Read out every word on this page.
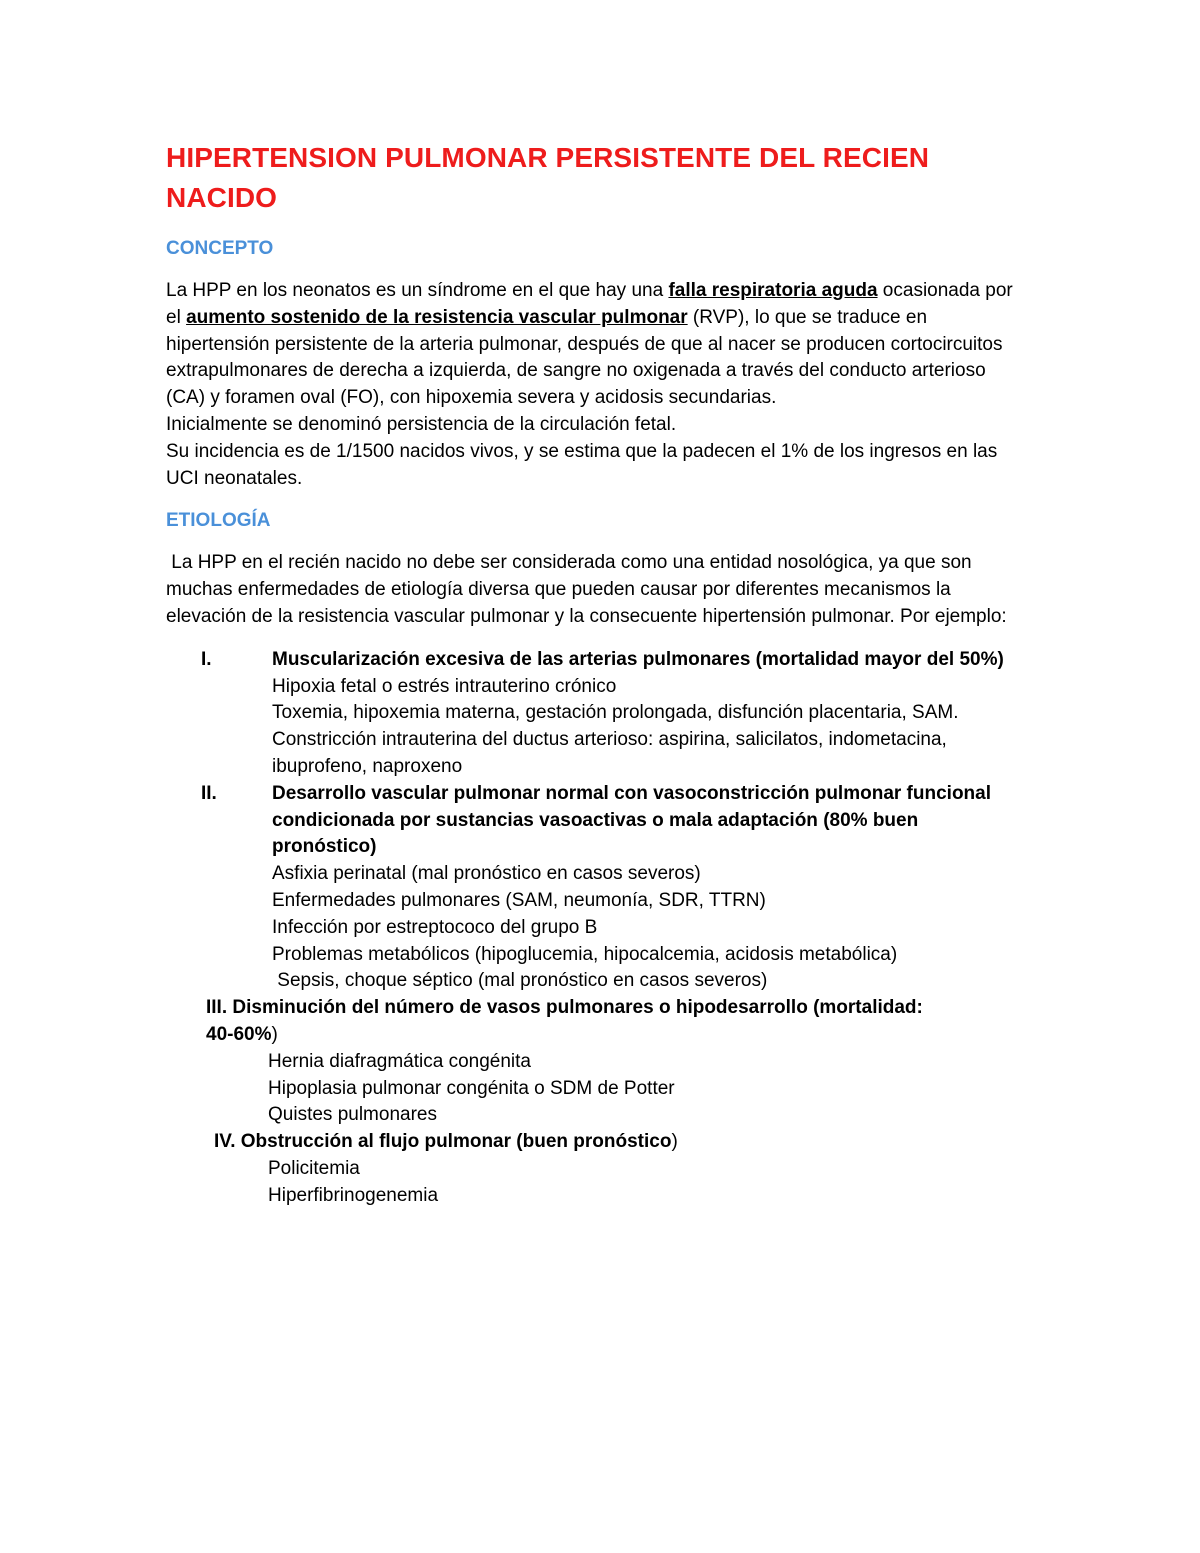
HIPERTENSION PULMONAR PERSISTENTE DEL RECIEN
NACIDO
CONCEPTO

La HPP en los neonatos es un síndrome en el que hay una falla respiratoria aguda ocasionada por el aumento sostenido de la resistencia vascular pulmonar (RVP), lo que se traduce en hipertensión persistente de la arteria pulmonar, después de que al nacer se producen cortocircuitos extrapulmonares de derecha a izquierda, de sangre no oxigenada a través del conducto arterioso (CA) y foramen oval (FO), con hipoxemia severa y acidosis secundarias.
Inicialmente se denominó persistencia de la circulación fetal.
Su incidencia es de 1/1500 nacidos vivos, y se estima que la padecen el 1% de los ingresos en las UCI neonatales.

ETIOLOGÍA

La HPP en el recién nacido no debe ser considerada como una entidad nosológica, ya que son muchas enfermedades de etiología diversa que pueden causar por diferentes mecanismos la elevación de la resistencia vascular pulmonar y la consecuente hipertensión pulmonar. Por ejemplo:

I.	Muscularización excesiva de las arterias pulmonares (mortalidad mayor del 50%)
Hipoxia fetal o estrés intrauterino crónico
Toxemia, hipoxemia materna, gestación prolongada, disfunción placentaria, SAM.
Constricción intrauterina del ductus arterioso: aspirina, salicilatos, indometacina, ibuprofeno, naproxeno
II.	Desarrollo vascular pulmonar normal con vasoconstricción pulmonar funcional condicionada por sustancias vasoactivas o mala adaptación (80% buen pronóstico)
Asfixia perinatal (mal pronóstico en casos severos)
Enfermedades pulmonares (SAM, neumonía, SDR, TTRN)
Infección por estreptococo del grupo B
Problemas metabólicos (hipoglucemia, hipocalcemia, acidosis metabólica)
Sepsis, choque séptico (mal pronóstico en casos severos)
III. Disminución del número de vasos pulmonares o hipodesarrollo (mortalidad:
40-60%)
Hernia diafragmática congénita
Hipoplasia pulmonar congénita o SDM de Potter
Quistes pulmonares
IV. Obstrucción al flujo pulmonar (buen pronóstico)
Policitemia
Hiperfibrinogenemia
